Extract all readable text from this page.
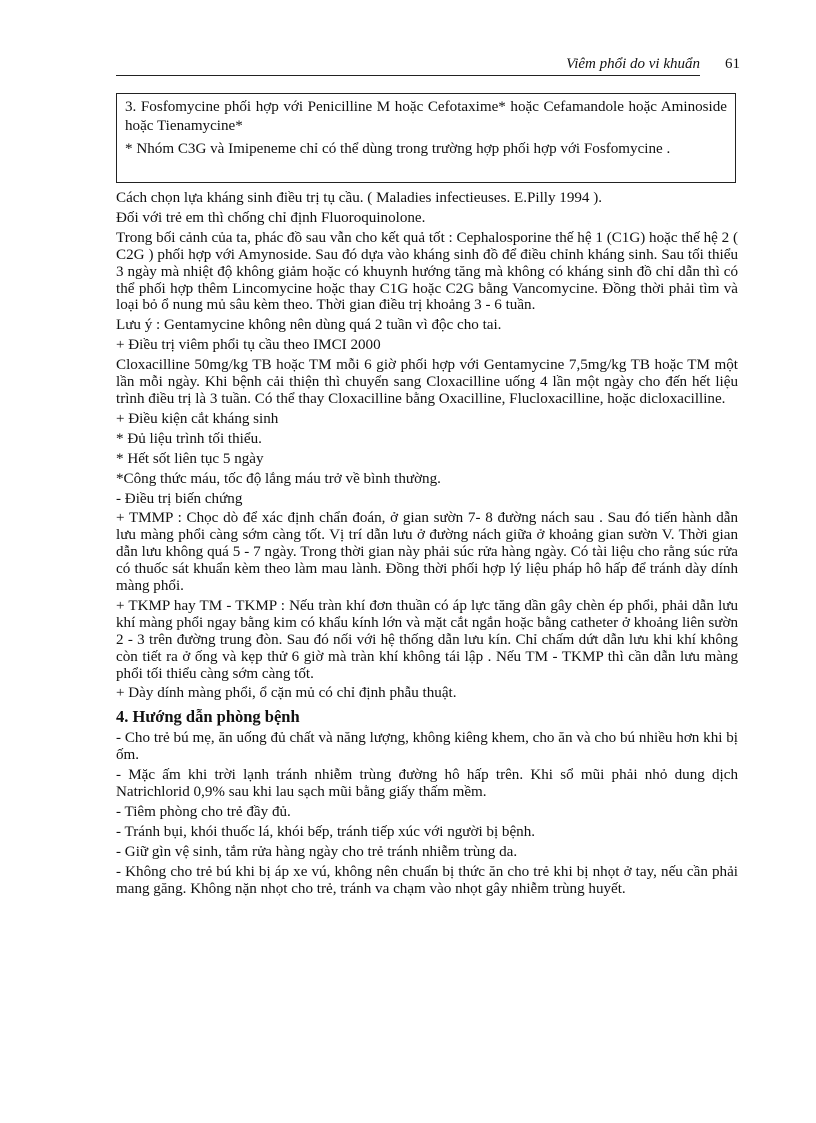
Viêm phổi do vi khuẩn 61

3. Fosfomycine phối hợp với Penicilline M hoặc Cefotaxime* hoặc Cefamandole hoặc Aminoside hoặc Tienamycine*

* Nhóm C3G và Imipeneme chỉ có thể dùng trong trường hợp phối hợp với Fosfomycine .

Cách chọn lựa kháng sinh điều trị tụ cầu. ( Maladies infectieuses. E.Pilly 1994 ).

Đối với trẻ em thì chống chỉ định Fluoroquinolone.

Trong bối cảnh của ta, phác đồ sau vẫn cho kết quả tốt : Cephalosporine thế hệ 1 (C1G) hoặc thế hệ 2 ( C2G ) phối hợp với Amynoside. Sau đó dựa vào kháng sinh đồ để điều chỉnh kháng sinh. Sau tối thiểu 3 ngày mà nhiệt độ không giảm hoặc có khuynh hướng tăng mà không có kháng sinh đồ chỉ dẫn thì có thể phối hợp thêm Lincomycine hoặc thay C1G hoặc C2G bằng Vancomycine. Đồng thời phải tìm và loại bỏ ổ nung mủ sâu kèm theo. Thời gian điều trị khoảng 3 - 6 tuần.

Lưu ý : Gentamycine không nên dùng quá 2 tuần vì độc cho tai.

+ Điều trị viêm phổi tụ cầu theo IMCI 2000

Cloxacilline 50mg/kg TB hoặc TM mỗi 6 giờ phối hợp với Gentamycine 7,5mg/kg TB hoặc TM một lần mỗi ngày. Khi bệnh cải thiện thì chuyển sang Cloxacilline uống 4 lần một ngày cho đến hết liệu trình điều trị là 3 tuần. Có thể thay Cloxacilline bằng Oxacilline, Flucloxacilline, hoặc dicloxacilline.

+ Điều kiện cắt kháng sinh

* Đủ liệu trình tối thiểu.

* Hết sốt liên tục 5 ngày

*Công thức máu, tốc độ lắng máu trở về bình thường.

- Điều trị biến chứng

+ TMMP : Chọc dò để xác định chẩn đoán, ở gian sườn 7- 8 đường nách sau . Sau đó tiến hành dẫn lưu màng phổi càng sớm càng tốt. Vị trí dẫn lưu ở đường nách giữa ở khoảng gian sườn V. Thời gian dẫn lưu không quá 5 - 7 ngày. Trong thời gian này phải súc rửa hàng ngày. Có tài liệu cho rằng súc rửa có thuốc sát khuẩn kèm theo làm mau lành. Đồng thời phối hợp lý liệu pháp hô hấp để tránh dày dính màng phổi.

+ TKMP hay TM - TKMP : Nếu tràn khí đơn thuần có áp lực tăng dần gây chèn ép phổi, phải dẫn lưu khí màng phổi ngay bằng kim có khẩu kính lớn và mặt cắt ngắn hoặc bằng catheter ở khoảng liên sườn 2 - 3 trên đường trung đòn. Sau đó nối với hệ thống dẫn lưu kín. Chỉ chấm dứt dẫn lưu khi khí không còn tiết ra ở ống và kẹp thử 6 giờ mà tràn khí không tái lập . Nếu TM - TKMP thì cần dẫn lưu màng phổi tối thiểu càng sớm càng tốt.

+ Dày dính màng phổi, ổ cặn mủ có chỉ định phẫu thuật.

4. Hướng dẫn phòng bệnh

- Cho trẻ bú mẹ, ăn uống đủ chất và năng lượng, không kiêng khem, cho ăn và cho bú nhiều hơn khi bị ốm.

- Mặc ấm khi trời lạnh tránh nhiễm trùng đường hô hấp trên. Khi sổ mũi phải nhỏ dung dịch Natrichlorid 0,9% sau khi lau sạch mũi bằng giấy thấm mềm.

- Tiêm phòng cho trẻ đầy đủ.

- Tránh bụi, khói thuốc lá, khói bếp, tránh tiếp xúc với người bị bệnh.

- Giữ gìn vệ sinh, tắm rửa hàng ngày cho trẻ tránh nhiễm trùng da.

- Không cho trẻ bú khi bị áp xe vú, không nên chuẩn bị thức ăn cho trẻ khi bị nhọt ở tay, nếu cần phải mang găng. Không nặn nhọt cho trẻ, tránh va chạm vào nhọt gây nhiễm trùng huyết.
